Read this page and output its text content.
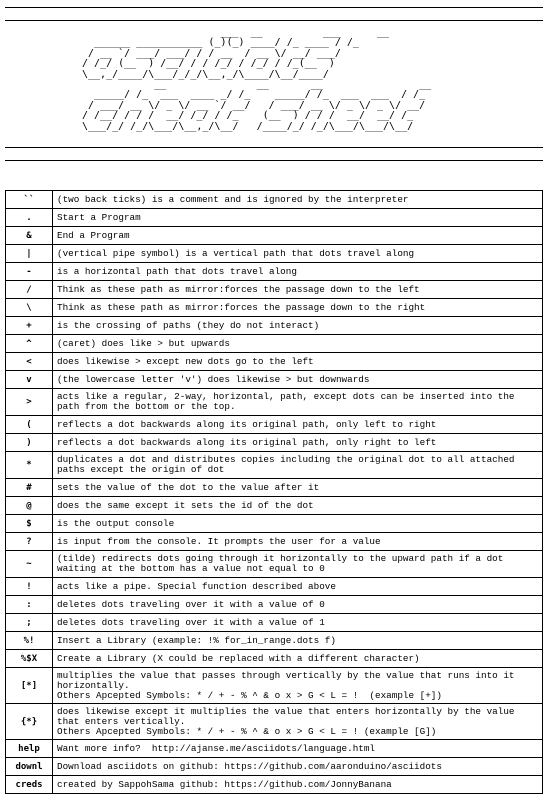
___  __          ___      __
______ ___________ (_)(_) ____/ /_ ____ / /_
/ __ `/ ___/ ___/ / / __  / __ \/ __/ ___/
/ /_/ (__  ) /__/ / / /_/ / /_/ / /_(__  )
\__,_/____/\___/_/_/\__,_/\____/\__/____/
__               __       __                __
_____/ /_  ___  ____ _/ /_    _____/ /_  ___  ___  / /_
/ ___/ __ \/ _ \/ __ `/ __/   / ___/ __ \/ _ \/ _ \/ __/
/ /__/ / / /  __/ /_/ / /_    (__  ) / / /  __/  __/ /_
\___/_/ /_/\___/\__,_/\__/   /____/_/ /_/\___/\___/\__/
``	(two back ticks) is a comment and is ignored by the interpreter
.	Start a Program
&	End a Program
|	(vertical pipe symbol) is a vertical path that dots travel along
-	is a horizontal path that dots travel along
/	Think as these path as mirror:forces the passage down to the left
\	Think as these path as mirror:forces the passage down to the right
+	is the crossing of paths (they do not interact)
^	(caret) does like > but upwards
<	does likewise > except new dots go to the left
v	(the lowercase letter 'v') does likewise > but downwards
>	acts like a regular, 2-way, horizontal, path, except dots can be inserted into the path from the bottom or the top.
(	reflects a dot backwards along its original path, only left to right
)	reflects a dot backwards along its original path, only right to left
*	duplicates a dot and distributes copies including the original dot to all attached paths except the origin of dot
#	sets the value of the dot to the value after it
@	does the same except it sets the id of the dot
$	is the output console
?	is input from the console. It prompts the user for a value
~	(tilde) redirects dots going through it horizontally to the upward path if a dot waiting at the bottom has a value not equal to 0
!	acts like a pipe. Special function described above
:	deletes dots traveling over it with a value of 0
;	deletes dots traveling over it with a value of 1
%!	Insert a Library (example: !% for_in_range.dots f)
%$X	Create a Library (X could be replaced with a different character)
[*]	multiplies the value that passes through vertically by the value that runs into it horizontally.
Others Apcepted Symbols: * / + - % ^ & o x > G < L = !  (example [+])
{*}	does likewise except it multiplies the value that enters horizontally by the value that enters vertically.
Others Apcepted Symbols: * / + - % ^ & o x > G < L = ! (example [G])
help	Want more info?  http://ajanse.me/asciidots/language.html
downl	Download asciidots on github: https://github.com/aaronduino/asciidots
creds	created by SappohSama github: https://github.com/JonnyBanana
